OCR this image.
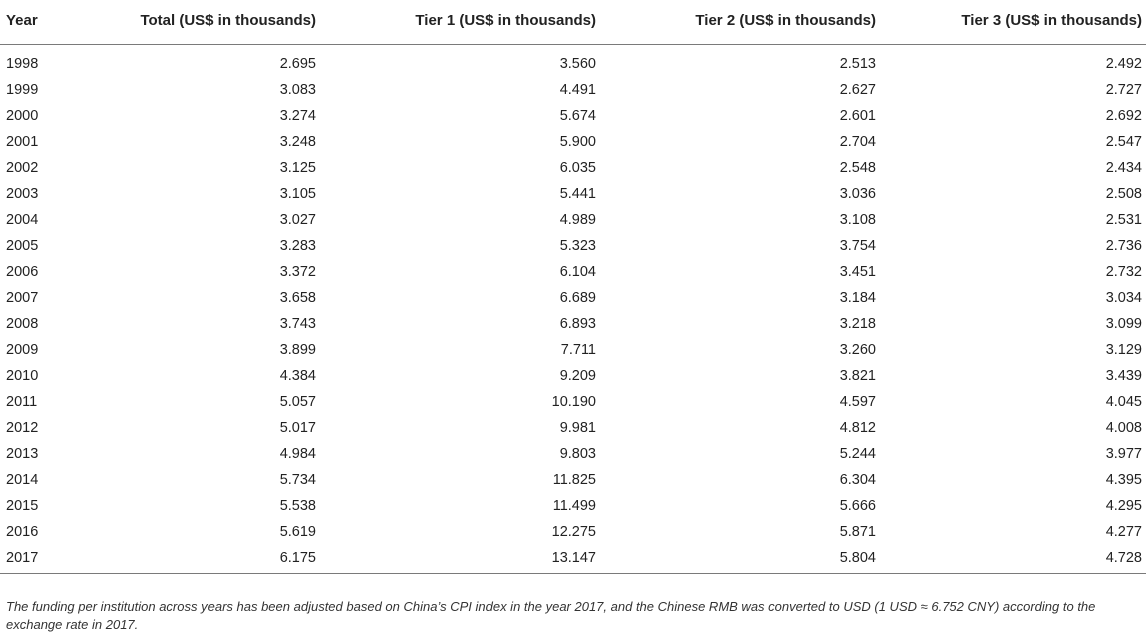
Year	Total (US$ in thousands)	Tier 1 (US$ in thousands)	Tier 2 (US$ in thousands)	Tier 3 (US$ in thousands)
1998	2.695	3.560	2.513	2.492
1999	3.083	4.491	2.627	2.727
2000	3.274	5.674	2.601	2.692
2001	3.248	5.900	2.704	2.547
2002	3.125	6.035	2.548	2.434
2003	3.105	5.441	3.036	2.508
2004	3.027	4.989	3.108	2.531
2005	3.283	5.323	3.754	2.736
2006	3.372	6.104	3.451	2.732
2007	3.658	6.689	3.184	3.034
2008	3.743	6.893	3.218	3.099
2009	3.899	7.711	3.260	3.129
2010	4.384	9.209	3.821	3.439
2011	5.057	10.190	4.597	4.045
2012	5.017	9.981	4.812	4.008
2013	4.984	9.803	5.244	3.977
2014	5.734	11.825	6.304	4.395
2015	5.538	11.499	5.666	4.295
2016	5.619	12.275	5.871	4.277
2017	6.175	13.147	5.804	4.728
The funding per institution across years has been adjusted based on China’s CPI index in the year 2017, and the Chinese RMB was converted to USD (1 USD ≈ 6.752 CNY) according to the exchange rate in 2017.
